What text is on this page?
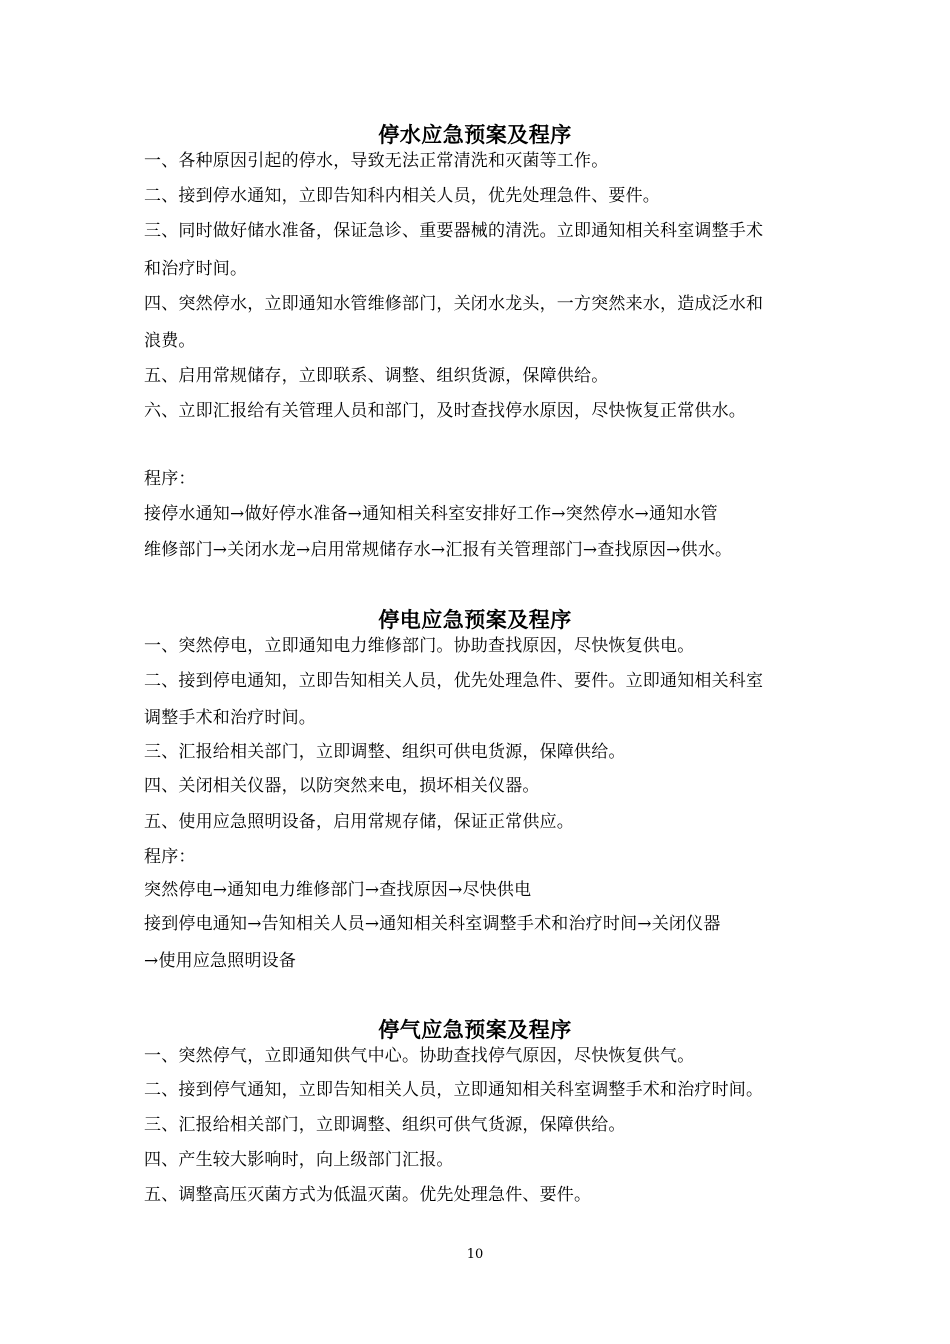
停水应急预案及程序
一、各种原因引起的停水，导致无法正常清洗和灭菌等工作。
二、接到停水通知，立即告知科内相关人员，优先处理急件、要件。
三、同时做好储水准备，保证急诊、重要器械的清洗。立即通知相关科室调整手术
和治疗时间。
四、突然停水，立即通知水管维修部门，关闭水龙头，一方突然来水，造成泛水和
浪费。
五、启用常规储存，立即联系、调整、组织货源，保障供给。
六、立即汇报给有关管理人员和部门，及时查找停水原因，尽快恢复正常供水。
程序：
接停水通知→做好停水准备→通知相关科室安排好工作→突然停水→通知水管
维修部门→关闭水龙→启用常规储存水→汇报有关管理部门→查找原因→供水。
停电应急预案及程序
一、突然停电，立即通知电力维修部门。协助查找原因，尽快恢复供电。
二、接到停电通知，立即告知相关人员，优先处理急件、要件。立即通知相关科室
调整手术和治疗时间。
三、汇报给相关部门，立即调整、组织可供电货源，保障供给。
四、关闭相关仪器，以防突然来电，损坏相关仪器。
五、使用应急照明设备，启用常规存储，保证正常供应。
程序：
突然停电→通知电力维修部门→查找原因→尽快供电
接到停电通知→告知相关人员→通知相关科室调整手术和治疗时间→关闭仪器
→使用应急照明设备
停气应急预案及程序
一、突然停气，立即通知供气中心。协助查找停气原因，尽快恢复供气。
二、接到停气通知，立即告知相关人员，立即通知相关科室调整手术和治疗时间。
三、汇报给相关部门，立即调整、组织可供气货源，保障供给。
四、产生较大影响时，向上级部门汇报。
五、调整高压灭菌方式为低温灭菌。优先处理急件、要件。
10
